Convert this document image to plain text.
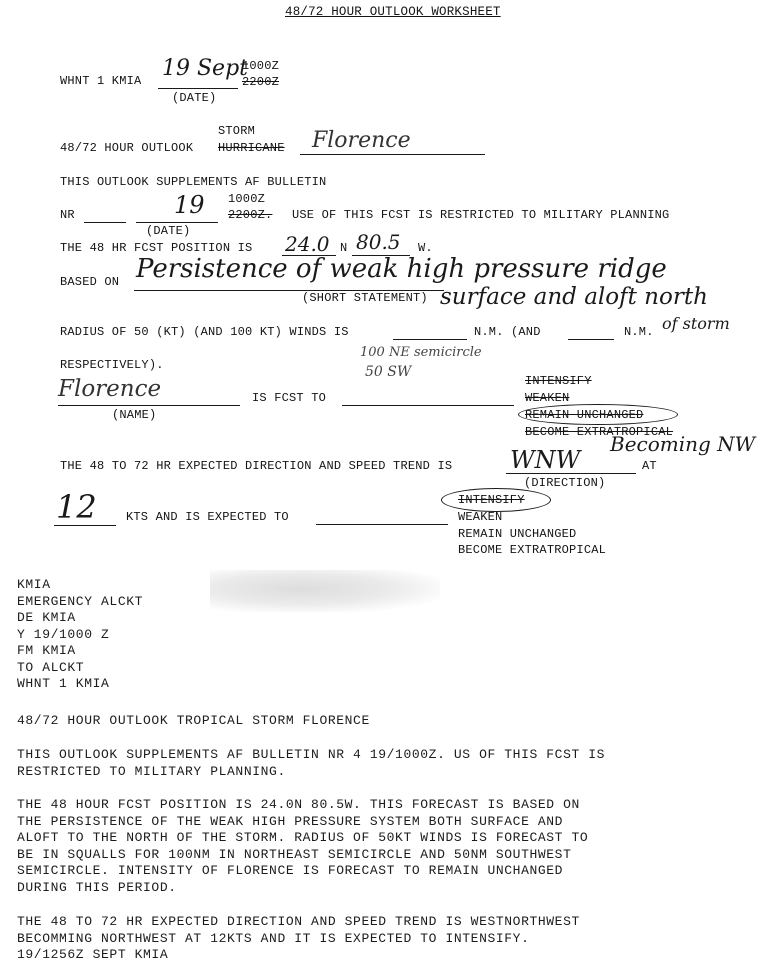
48/72 HOUR OUTLOOK WORKSHEET
WHNT 1 KMIA 19 Sept
(DATE)
1000Z
2200Z
STORM
48/72 HOUR OUTLOOK HURRICANE Florence
THIS OUTLOOK SUPPLEMENTS AF BULLETIN
NR	19 1000Z
2200Z. USE OF THIS FCST IS RESTRICTED TO MILITARY PLANNING
(DATE)
THE 48 HR FCST POSITION IS 24.0 N 80.5 W.
BASED ON Persistence of weak high pressure ridge
(SHORT STATEMENT) surface and aloft north
of storm
RADIUS OF 50 (KT) (AND 100 KT) WINDS IS	N.M. (AND	N.M.
RESPECTIVELY).
100 NE semicircle
50 SW
Florence
(NAME)
IS FCST TO
INTENSIFY
WEAKEN
REMAIN UNCHANGED
BECOME EXTRATROPICAL
THE 48 TO 72 HR EXPECTED DIRECTION AND SPEED TREND IS WNW
(DIRECTION)
AT
Becoming NW
12 KTS AND IS EXPECTED TO
INTENSIFY
WEAKEN
REMAIN UNCHANGED
BECOME EXTRATROPICAL
KMIA
EMERGENCY ALCKT
DE KMIA
Y 19/1000 Z
FM KMIA
TO ALCKT
WHNT 1 KMIA
48/72 HOUR OUTLOOK TROPICAL STORM FLORENCE
THIS OUTLOOK SUPPLEMENTS AF BULLETIN NR 4 19/1000Z. US OF THIS FCST IS
RESTRICTED TO MILITARY PLANNING.
THE 48 HOUR FCST POSITION IS 24.0N 80.5W. THIS FORECAST IS BASED ON
THE PERSISTENCE OF THE WEAK HIGH PRESSURE SYSTEM BOTH SURFACE AND
ALOFT TO THE NORTH OF THE STORM. RADIUS OF 50KT WINDS IS FORECAST TO
BE IN SQUALLS FOR 100NM IN NORTHEAST SEMICIRCLE AND 50NM SOUTHWEST
SEMICIRCLE. INTENSITY OF FLORENCE IS FORECAST TO REMAIN UNCHANGED
DURING THIS PERIOD.
THE 48 TO 72 HR EXPECTED DIRECTION AND SPEED TREND IS WESTNORTHWEST
BECOMMING NORTHWEST AT 12KTS AND IT IS EXPECTED TO INTENSIFY.
19/1256Z SEPT KMIA
